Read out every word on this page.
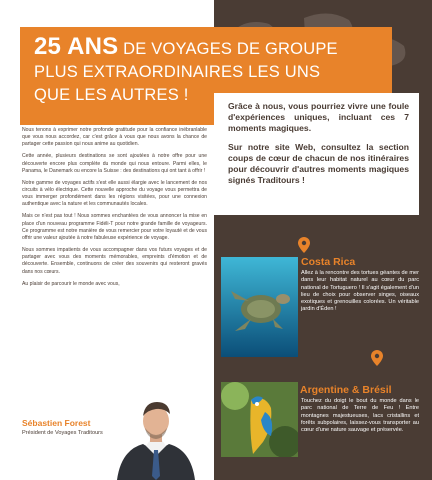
25 ANS DE VOYAGES DE GROUPE
PLUS EXTRAORDINAIRES LES UNS
QUE LES AUTRES !

Grâce à nous, vous pourriez vivre une foule d'expériences uniques, incluant ces 7 moments magiques.

Sur notre site Web, consultez la section coups de cœur de chacun de nos itinéraires pour découvrir d'autres moments magiques signés Traditours !

Nous tenons à exprimer notre profonde gratitude pour la confiance inébranlable que vous nous accordez, car c'est grâce à vous que nous avons la chance de partager cette passion qui nous anime au quotidien.

Cette année, plusieurs destinations se sont ajoutées à notre offre pour une découverte encore plus complète du monde qui nous entoure. Parmi elles, le Panama, le Danemark ou encore la Suisse : des destinations qui ont tant à offrir !

Notre gamme de voyages actifs s'est elle aussi élargie avec le lancement de nos circuits à vélo électrique. Cette nouvelle approche du voyage vous permettra de vous immerger profondément dans les régions visitées, pour une connexion authentique avec la nature et les communautés locales.

Mais ce n'est pas tout ! Nous sommes enchantées de vous annoncer la mise en place d'un nouveau programme Fidéli-T pour notre grande famille de voyageurs. Ce programme est notre manière de vous remercier pour votre loyauté et de vous offrir une valeur ajoutée à notre fabuleuse expérience de voyage.

Nous sommes impatients de vous accompagner dans vos futurs voyages et de partager avec vous des moments mémorables, empreints d'émotion et de découverte. Ensemble, continuons de créer des souvenirs qui resteront gravés dans nos cœurs.

Au plaisir de parcourir le monde avec vous,

Sébastien Forest
Président de Voyages Traditours
Costa Rica
Allez à la rencontre des tortues géantes de mer dans leur habitat naturel au cœur du parc national de Tortuguero ! Il s'agit également d'un lieu de choix pour observer singes, oiseaux exotiques et grenouilles colorées. Un véritable jardin d'Éden !
Argentine & Brésil
Touchez du doigt le bout du monde dans le parc national de Terre de Feu ! Entre montagnes majestueuses, lacs cristallins et forêts subpolaires, laissez-vous transporter au cœur d'une nature sauvage et préservée.
